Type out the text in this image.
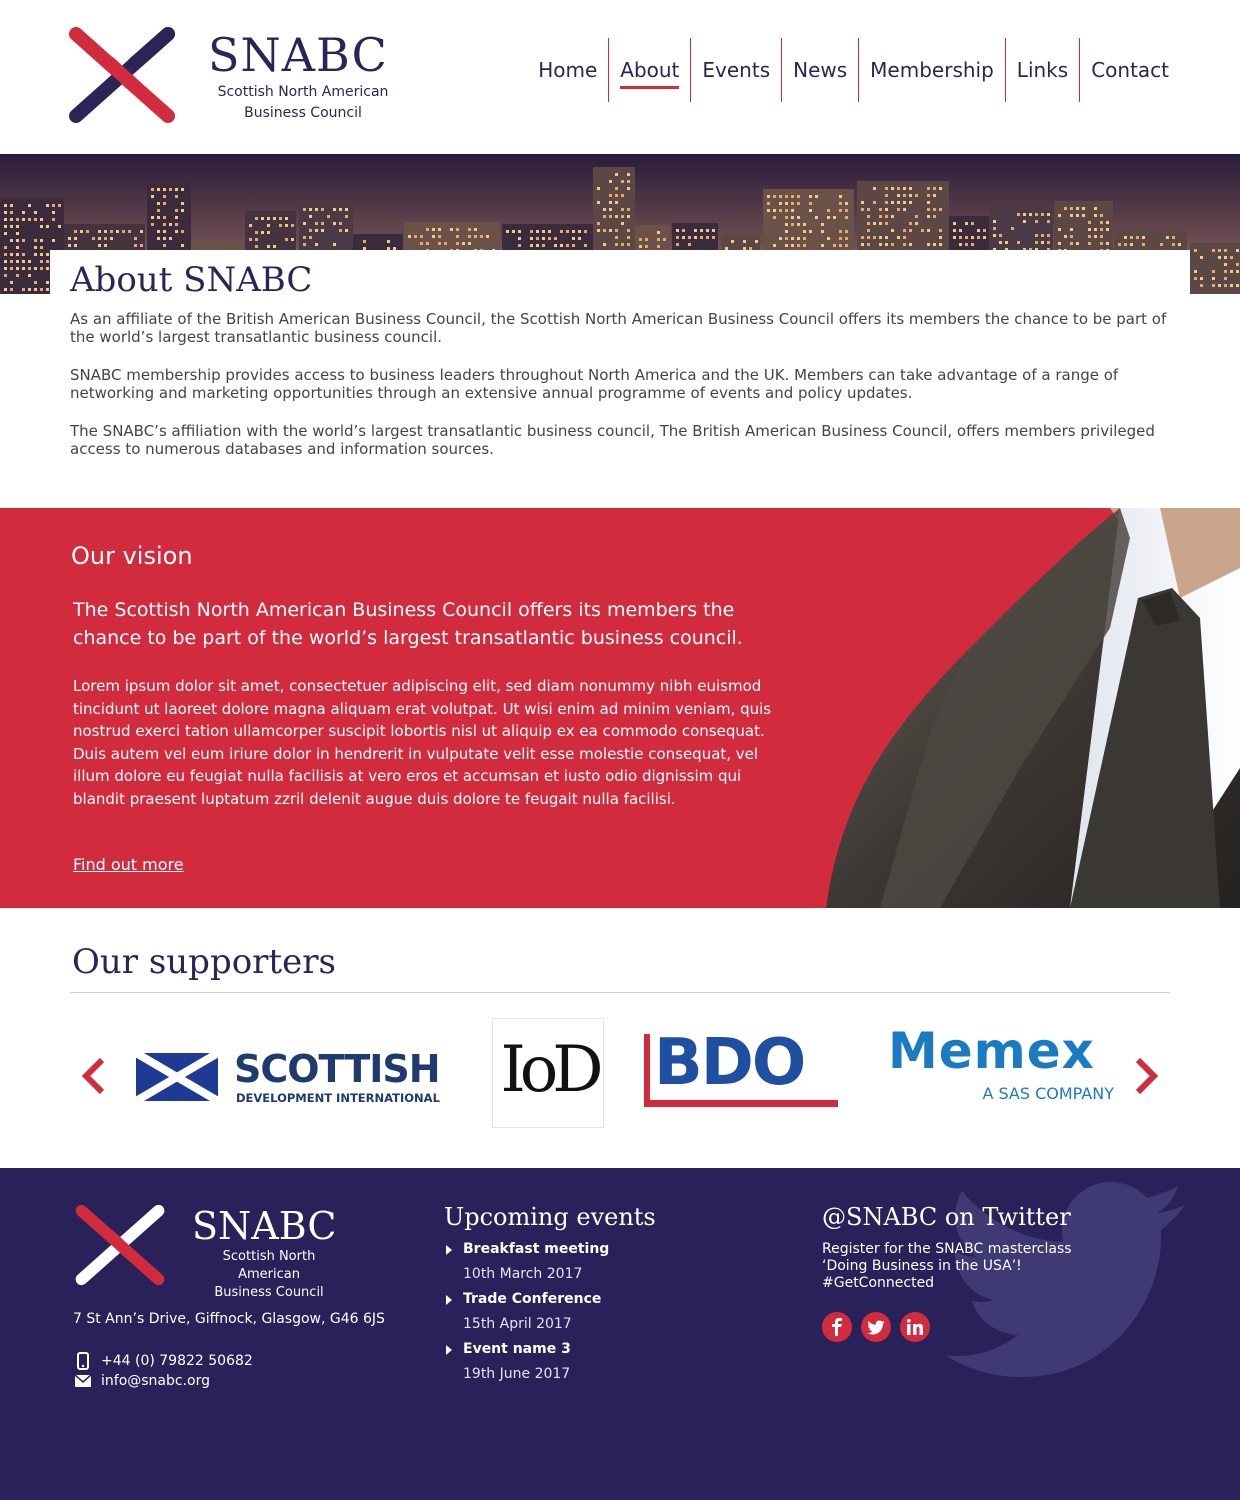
SNABC
Scottish North American
Business Council
Home	About	Events	News	Membership	Links	Contact
About SNABC

As an affiliate of the British American Business Council, the Scottish North American Business Council offers its members the chance to be part of the world’s largest transatlantic business council.

SNABC membership provides access to business leaders throughout North America and the UK. Members can take advantage of a range of networking and marketing opportunities through an extensive annual programme of events and policy updates.

The SNABC’s affiliation with the world’s largest transatlantic business council, The British American Business Council, offers members privileged access to numerous databases and information sources.

Our vision
The Scottish North American Business Council offers its members the chance to be part of the world’s largest transatlantic business council.
Lorem ipsum dolor sit amet, consectetuer adipiscing elit, sed diam nonummy nibh euismod tincidunt ut laoreet dolore magna aliquam erat volutpat. Ut wisi enim ad minim veniam, quis nostrud exerci tation ullamcorper suscipit lobortis nisl ut aliquip ex ea commodo consequat. Duis autem vel eum iriure dolor in hendrerit in vulputate velit esse molestie consequat, vel illum dolore eu feugiat nulla facilisis at vero eros et accumsan et iusto odio dignissim qui blandit praesent luptatum zzril delenit augue duis dolore te feugait nulla facilisi.
Find out more
Our supporters
SCOTTISH
DEVELOPMENT INTERNATIONAL IoD BDO Memex
A SAS COMPANY
SNABC
Scottish North American
Business Council
7 St Ann’s Drive, Giffnock, Glasgow, G46 6JS
+44 (0) 79822 50682
info@snabc.org
Upcoming events
Breakfast meeting
10th March 2017
Trade Conference
15th April 2017
Event name 3
19th June 2017
@SNABC on Twitter
Register for the SNABC masterclass
‘Doing Business in the USA’!
#GetConnected
